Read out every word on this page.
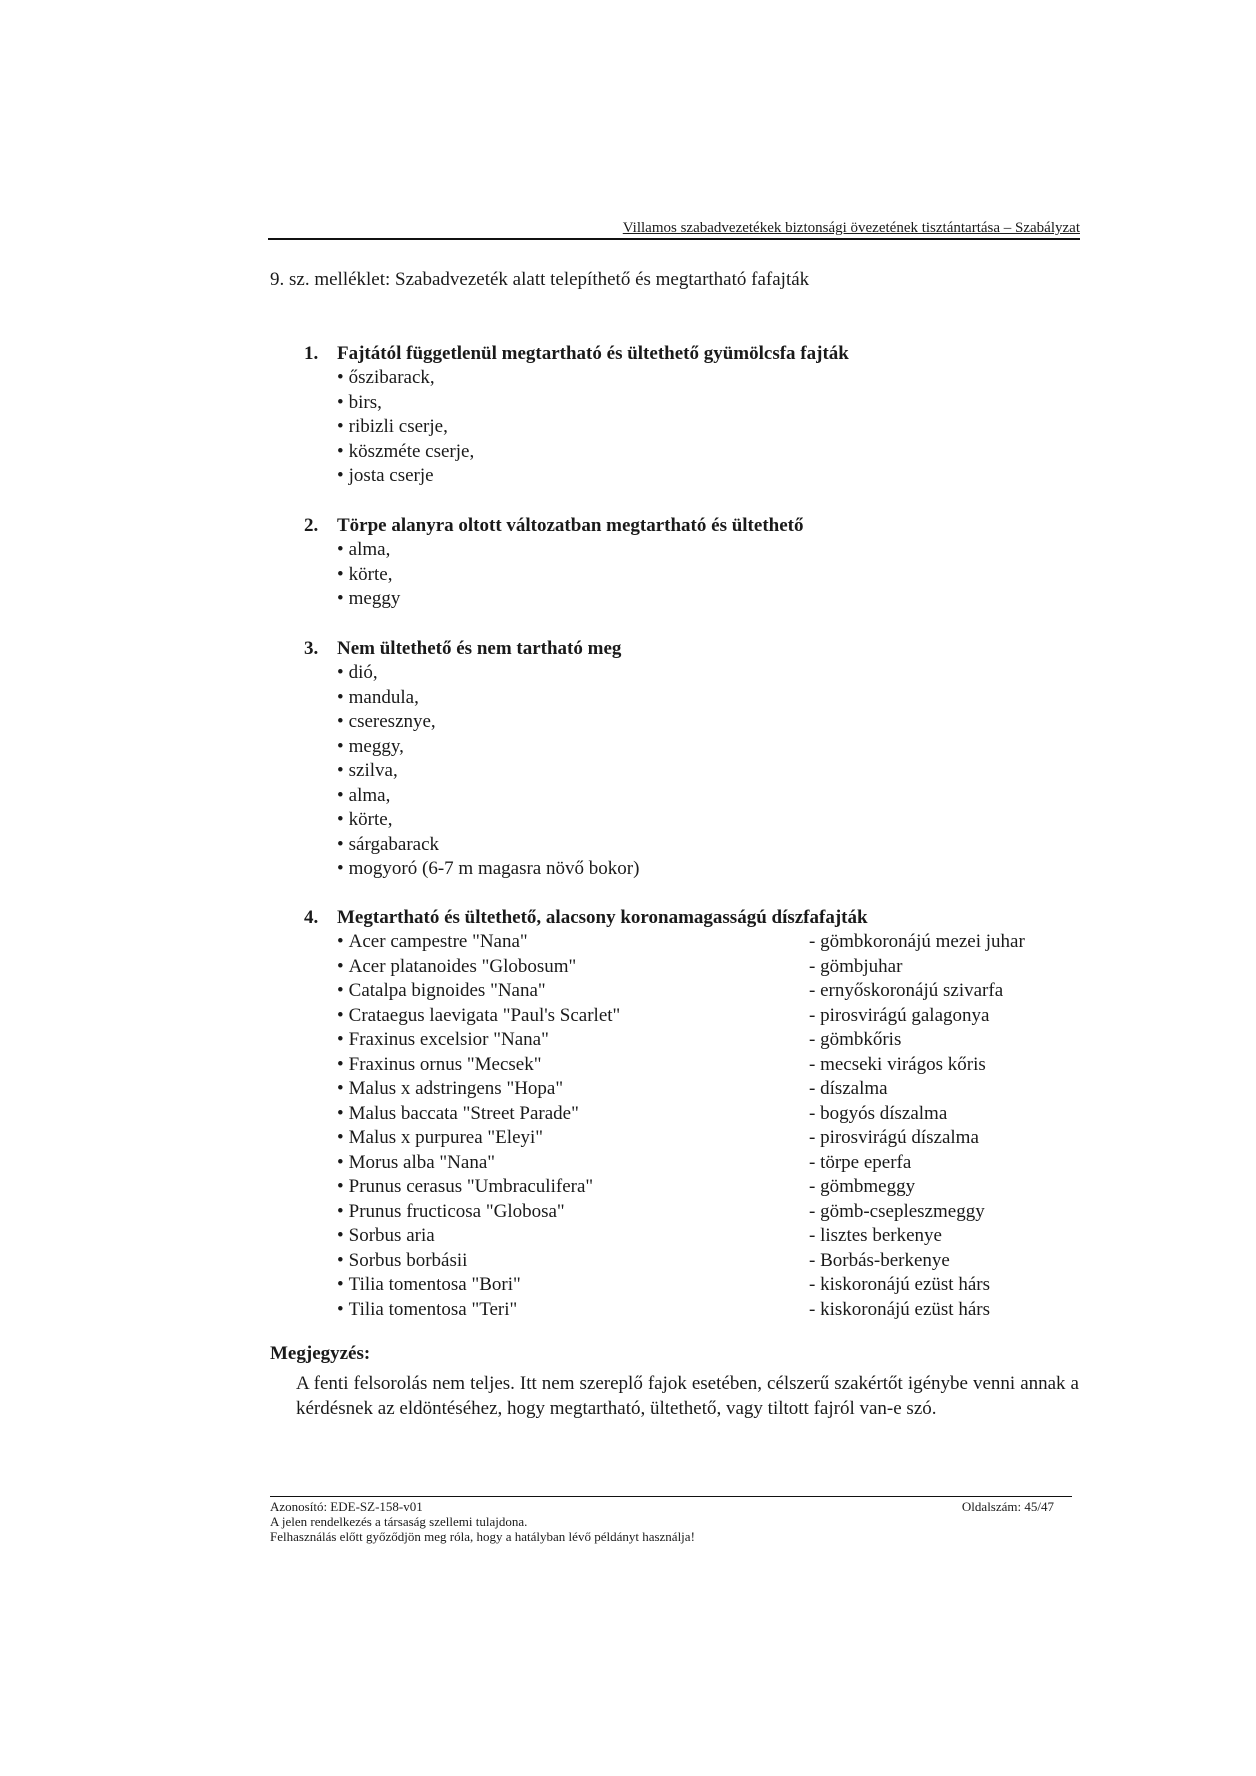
Villamos szabadvezetékek biztonsági övezetének tisztántartása – Szabályzat
9. sz. melléklet: Szabadvezeték alatt telepíthető és megtartható fafajták
1. Fajtától függetlenül megtartható és ültethető gyümölcsfa fajták
• őszibarack,
• birs,
• ribizli cserje,
• köszméte cserje,
• josta cserje
2. Törpe alanyra oltott változatban megtartható és ültethető
• alma,
• körte,
• meggy
3. Nem ültethető és nem tartható meg
• dió,
• mandula,
• cseresznye,
• meggy,
• szilva,
• alma,
• körte,
• sárgabarack
• mogyoró (6-7 m magasra növő bokor)
4. Megtartható és ültethető, alacsony koronamagasságú díszfafajták
• Acer campestre "Nana"	- gömbkoronájú mezei juhar
• Acer platanoides "Globosum"	- gömbjuhar
• Catalpa bignoides "Nana"	- ernyőskoronájú szivarfa
• Crataegus laevigata "Paul's Scarlet"	- pirosvirágú galagonya
• Fraxinus excelsior "Nana"	- gömbkőris
• Fraxinus ornus "Mecsek"	- mecseki virágos kőris
• Malus x adstringens "Hopa"	- díszalma
• Malus baccata "Street Parade"	- bogyós díszalma
• Malus x purpurea "Eleyi"	- pirosvirágú díszalma
• Morus alba "Nana"	- törpe eperfa
• Prunus cerasus "Umbraculifera"	- gömbmeggy
• Prunus fructicosa "Globosa"	- gömb-csepleszmeggy
• Sorbus aria	- lisztes berkenye
• Sorbus borbásii	- Borbás-berkenye
• Tilia tomentosa "Bori"	- kiskoronájú ezüst hárs
• Tilia tomentosa "Teri"	- kiskoronájú ezüst hárs
Megjegyzés:
A fenti felsorolás nem teljes. Itt nem szereplő fajok esetében, célszerű szakértőt igénybe venni annak a kérdésnek az eldöntéséhez, hogy megtartható, ültethető, vagy tiltott fajról van-e szó.
Azonosító: EDE-SZ-158-v01	Oldalszám: 45/47
A jelen rendelkezés a társaság szellemi tulajdona.
Felhasználás előtt győződjön meg róla, hogy a hatályban lévő példányt használja!
